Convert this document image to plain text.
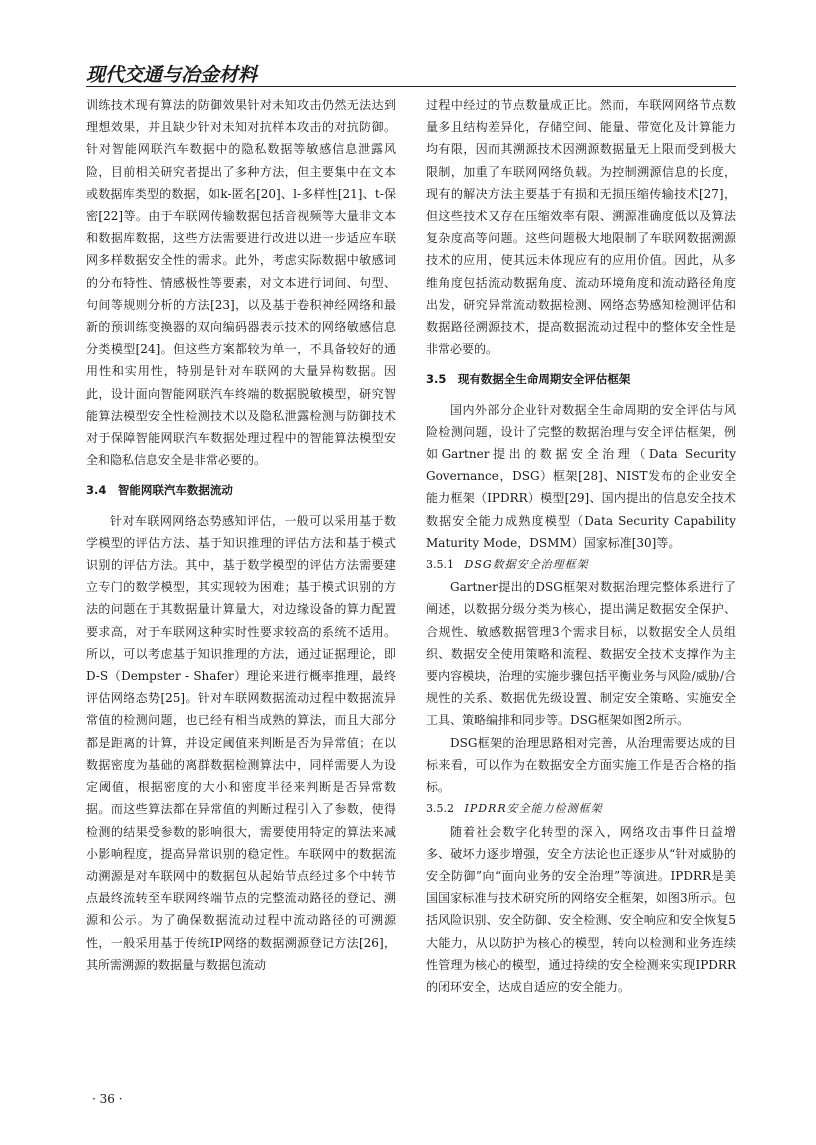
现代交通与冶金材料

训练技术现有算法的防御效果针对未知攻击仍然无法达到理想效果，并且缺少针对未知对抗样本攻击的对抗防御。针对智能网联汽车数据中的隐私数据等敏感信息泄露风险，目前相关研究者提出了多种方法，但主要集中在文本或数据库类型的数据，如k-匿名[20]、l-多样性[21]、t-保密[22]等。由于车联网传输数据包括音视频等大量非文本和数据库数据，这些方法需要进行改进以进一步适应车联网多样数据安全性的需求。此外，考虑实际数据中敏感词的分布特性、情感极性等要素，对文本进行词间、句型、句间等规则分析的方法[23]，以及基于卷积神经网络和最新的预训练变換器的双向编码器表示技术的网络敏感信息分类模型[24]。但这些方案都较为单一，不具备较好的通用性和实用性，特别是针对车联网的大量异构数据。因此，设计面向智能网联汽车终端的数据脱敏模型，研究智能算法模型安全性检测技术以及隐私泄露检测与防御技术对于保障智能网联汽车数据处理过程中的智能算法模型安全和隐私信息安全是非常必要的。

3.4　智能网联汽车数据流动

针对车联网网络态势感知评估，一般可以采用基于数学模型的评估方法、基于知识推理的评估方法和基于模式识别的评估方法。其中，基于数学模型的评估方法需要建立专门的数学模型，其实现较为困难；基于模式识别的方法的问题在于其数据量计算量大，对边缘设备的算力配置要求高，对于车联网这种实时性要求较高的系统不适用。所以，可以考虑基于知识推理的方法，通过证据理论，即D-S（Dempster - Shafer）理论来进行概率推理，最终评估网络态势[25]。针对车联网数据流动过程中数据流异常值的检测问题，也已经有相当成熟的算法，而且大部分都是距离的计算，并设定阈值来判断是否为异常值；在以数据密度为基础的离群数据检测算法中，同样需要人为设定阈值，根据密度的大小和密度半径来判断是否异常数据。而这些算法都在异常值的判断过程引入了参数，使得检测的结果受参数的影响很大，需要使用特定的算法来减小影响程度，提高异常识别的稳定性。车联网中的数据流动溯源是对车联网中的数据包从起始节点经过多个中转节点最终流转至车联网终端节点的完整流动路径的登记、溯源和公示。为了确保数据流动过程中流动路径的可溯源性，一般采用基于传统IP网络的数据溯源登记方法[26]，其所需溯源的数据量与数据包流动

过程中经过的节点数量成正比。然而，车联网网络节点数量多且结构差异化，存储空间、能量、带宽化及计算能力均有限，因而其溯源技术因溯源数据量无上限而受到极大限制，加重了车联网网络负载。为控制溯源信息的长度，现有的解决方法主要基于有损和无损压缩传输技术[27]，但这些技术又存在压缩效率有限、溯源准确度低以及算法复杂度高等问题。这些问题极大地限制了车联网数据溯源技术的应用，使其远未体现应有的应用价值。因此，从多维角度包括流动数据角度、流动环境角度和流动路径角度出发，研究异常流动数据检测、网络态势感知检测评估和数据路径溯源技术，提高数据流动过程中的整体安全性是非常必要的。

3.5　现有数据全生命周期安全评估框架

国内外部分企业针对数据全生命周期的安全评估与风险检测问题，设计了完整的数据治理与安全评估框架，例如Gartner提出的数据安全治理（Data Security Governance，DSG）框架[28]、NIST发布的企业安全能力框架（IPDRR）模型[29]、国内提出的信息安全技术数据安全能力成熟度模型（Data Security Capability Maturity Mode，DSMM）国家标准[30]等。

3.5.1 DSG数据安全治理框架

Gartner提出的DSG框架对数据治理完整体系进行了阐述，以数据分级分类为核心，提出满足数据安全保护、合规性、敏感数据管理3个需求目标，以数据安全人员组织、数据安全使用策略和流程、数据安全技术支撑作为主要内容模块，治理的实施步骤包括平衡业务与风险/威胁/合规性的关系、数据优先级设置、制定安全策略、实施安全工具、策略编排和同步等。DSG框架如图2所示。

DSG框架的治理思路相对完善，从治理需要达成的目标来看，可以作为在数据安全方面实施工作是否合格的指标。

3.5.2 IPDRR安全能力检测框架

随着社会数字化转型的深入，网络攻击事件日益增多、破坏力逐步增强，安全方法论也正逐步从“针对威胁的安全防御”向“面向业务的安全治理”等演进。IPDRR是美国国家标准与技术研究所的网络安全框架，如图3所示。包括风险识别、安全防御、安全检测、安全响应和安全恢复5大能力，从以防护为核心的模型，转向以检测和业务连续性管理为核心的模型，通过持续的安全检测来实现IPDRR的闭环安全，达成自适应的安全能力。

· 36 ·
